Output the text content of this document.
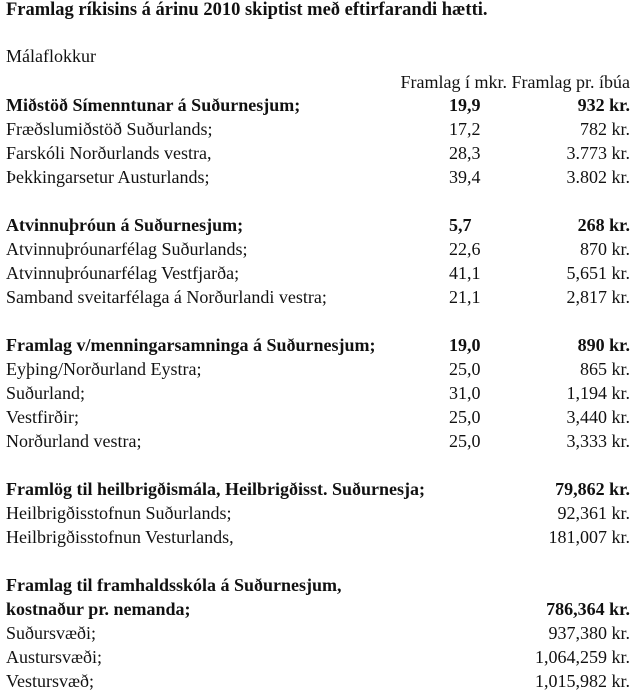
Framlag ríkisins á árinu 2010 skiptist með eftirfarandi hætti.
Málaflokkur
Framlag í mkr. Framlag pr. íbúa
Miðstöð Símenntunar á Suðurnesjum;	19,9	932 kr.
Fræðslumiðstöð Suðurlands;	17,2	782 kr.
Farskóli Norðurlands vestra,	28,3	3.773 kr.
Þekkingarsetur Austurlands;	39,4	3.802 kr.
Atvinnuþróun á Suðurnesjum;	5,7	268 kr.
Atvinnuþróunarfélag Suðurlands;	22,6	870 kr.
Atvinnuþróunarfélag Vestfjarða;	41,1	5,651 kr.
Samband sveitarfélaga á Norðurlandi vestra;	21,1	2,817 kr.
Framlag v/menningarsamninga á Suðurnesjum;	19,0	890 kr.
Eyþing/Norðurland Eystra;	25,0	865 kr.
Suðurland;	31,0	1,194 kr.
Vestfirðir;	25,0	3,440 kr.
Norðurland vestra;	25,0	3,333 kr.
Framlög til heilbrigðismála, Heilbrigðisst. Suðurnesja;	79,862 kr.
Heilbrigðisstofnun Suðurlands;	92,361 kr.
Heilbrigðisstofnun Vesturlands,	181,007 kr.
Framlag til framhaldsskóla á Suðurnesjum,
kostnaður pr. nemanda;	786,364 kr.
Suðursvæði;	937,380 kr.
Austursvæði;	1,064,259 kr.
Vestursvæð;	1,015,982 kr.
